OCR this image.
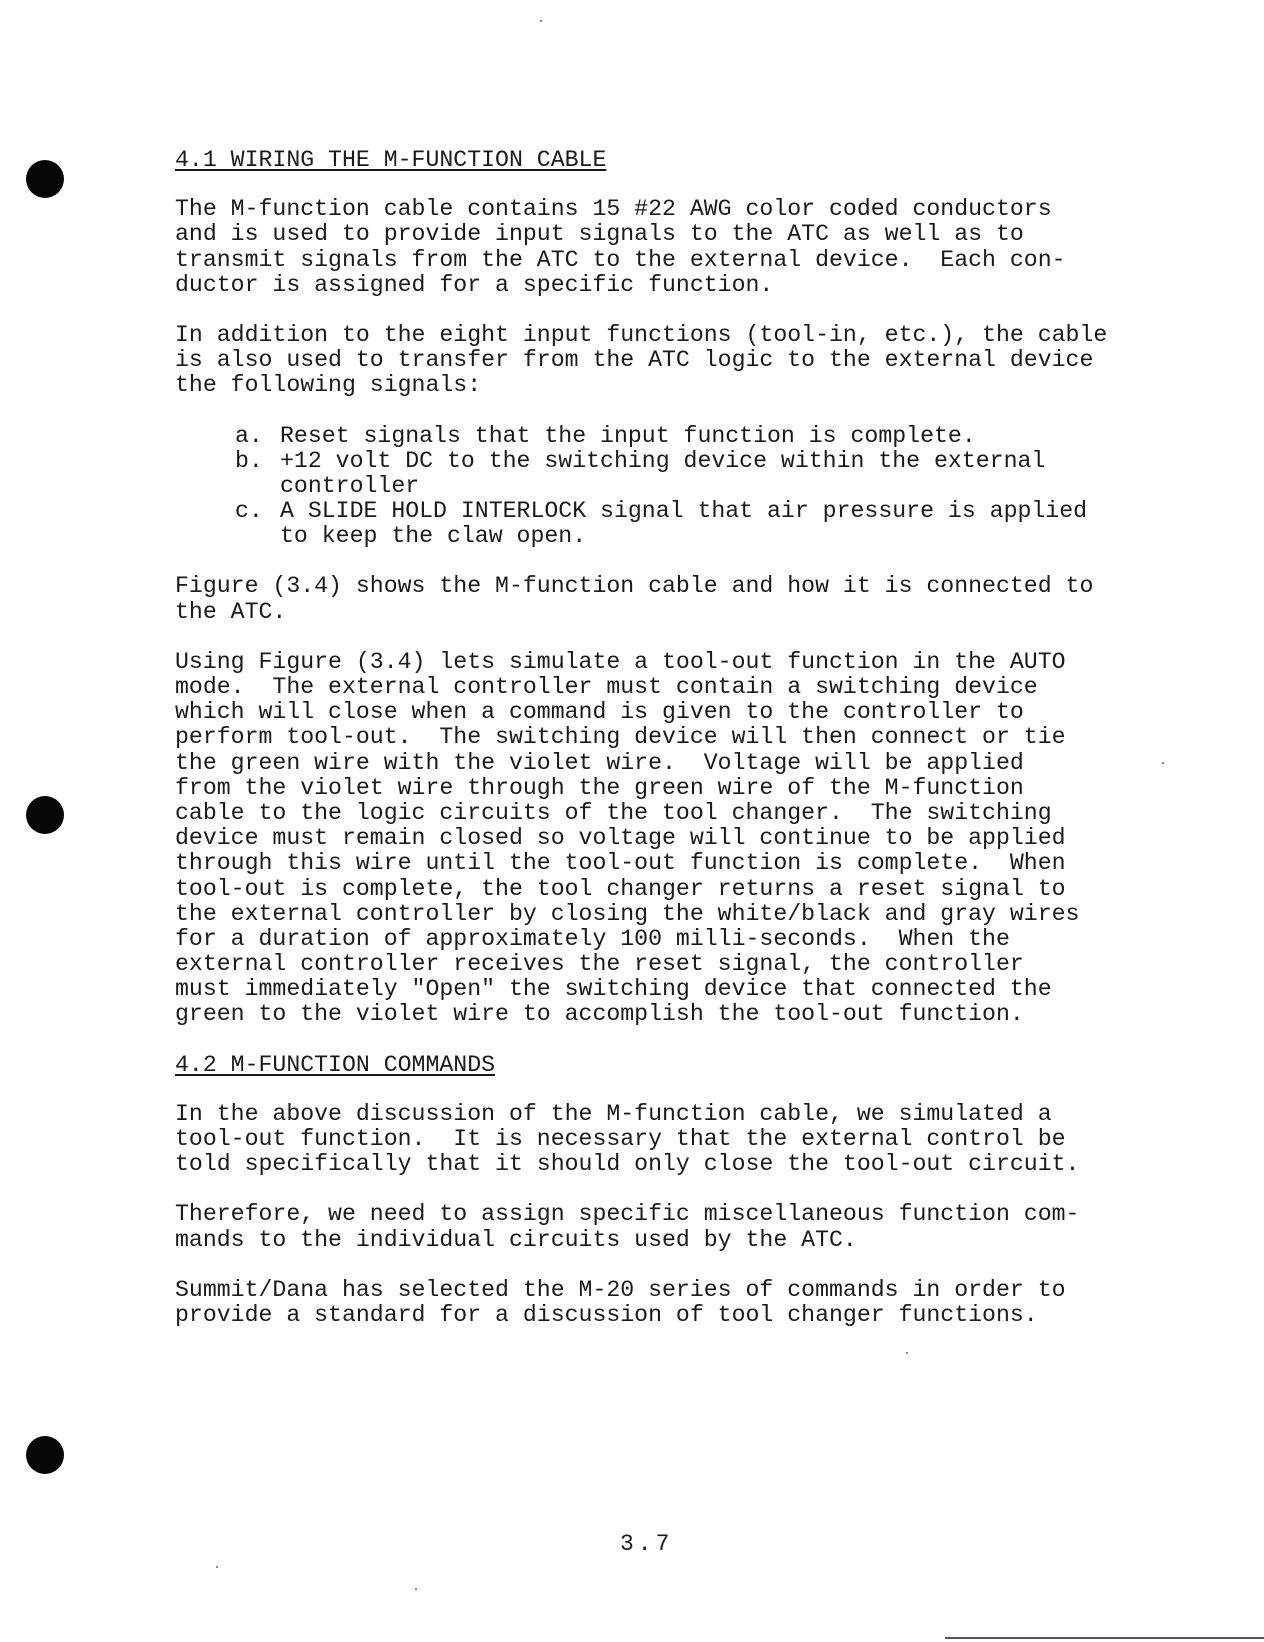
4.1 WIRING THE M-FUNCTION CABLE
The M-function cable contains 15 #22 AWG color coded conductors
and is used to provide input signals to the ATC as well as to
transmit signals from the ATC to the external device.  Each con-
ductor is assigned for a specific function.
In addition to the eight input functions (tool-in, etc.), the cable
is also used to transfer from the ATC logic to the external device
the following signals:
a. Reset signals that the input function is complete.
b. +12 volt DC to the switching device within the external
controller
c. A SLIDE HOLD INTERLOCK signal that air pressure is applied
to keep the claw open.
Figure (3.4) shows the M-function cable and how it is connected to
the ATC.
Using Figure (3.4) lets simulate a tool-out function in the AUTO
mode.  The external controller must contain a switching device
which will close when a command is given to the controller to
perform tool-out.  The switching device will then connect or tie
the green wire with the violet wire.  Voltage will be applied
from the violet wire through the green wire of the M-function
cable to the logic circuits of the tool changer.  The switching
device must remain closed so voltage will continue to be applied
through this wire until the tool-out function is complete.  When
tool-out is complete, the tool changer returns a reset signal to
the external controller by closing the white/black and gray wires
for a duration of approximately 100 milli-seconds.  When the
external controller receives the reset signal, the controller
must immediately "Open" the switching device that connected the
green to the violet wire to accomplish the tool-out function.
4.2 M-FUNCTION COMMANDS
In the above discussion of the M-function cable, we simulated a
tool-out function.  It is necessary that the external control be
told specifically that it should only close the tool-out circuit.
Therefore, we need to assign specific miscellaneous function com-
mands to the individual circuits used by the ATC.
Summit/Dana has selected the M-20 series of commands in order to
provide a standard for a discussion of tool changer functions.
3.7
